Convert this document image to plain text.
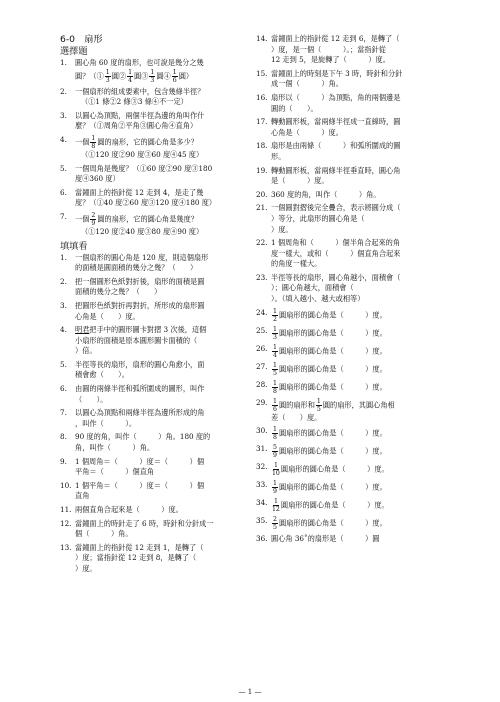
6-0　扇形
選擇題
1.	圓心角 60 度的扇形，也可說是幾分之幾
圓？（① $\frac{1}{3}$ 圓② $\frac{1}{4}$ 圓③ $\frac{1}{3}$ 圓④ $\frac{1}{6}$ 圓）
2.	一個扇形的組成要素中，包含幾條半徑？
（①1 條②2 條③3 條④不一定）
3.	以圓心為頂點，兩個半徑為邊的角叫作什
麼？（①周角②平角③圓心角④直角）
4.	一個 $\frac{1}{8}$ 圓的扇形，它的圓心角是多少？
（①120 度②90 度③60 度④45 度）
5.	一個周角是幾度？（①60 度②90 度③180
度④360 度）
6.	當鐘面上的指針從 12 走到 4，是走了幾
度？（①40 度②60 度③120 度④180 度）
7.	一個 $\frac{2}{9}$ 圓的扇形，它的圓心角是幾度？
（①120 度②40 度③80 度④90 度）
填填看
1.	一個扇形的圓心角是 120 度，則這個扇形
的面積是圓面積的幾分之幾？（　　）
2.	把一個圓形色紙對折後，扇形的面積是圓
面積的幾分之幾？（　　）
3.	把圓形色紙對折再對折，所形成的扇形圓
心角是（　　）度。
4.	明君把手中的圓形圖卡對摺 3 次後，這個
小扇形的面積是原本圓形圖卡面積的（
）倍。
5.	半徑等長的扇形，扇形的圓心角愈小，面
積會愈（　　）。
6.	由圓的兩條半徑和弧所圍成的圖形，叫作
（　　）。
7.	以圓心為頂點和兩條半徑為邊所形成的角
，叫作（　　　）。
8.	90 度的角，叫作（　　　）角。180 度的
角，叫作（　　　）角。
9.	1 個周角＝（　　　）度＝（　　　）個
平角＝（　　　）個直角
10. 1 個平角＝（　　　）度＝（　　　）個
直角
11. 兩個直角合起來是（　　　）度。
12. 當鐘面上的時針走了 6 時，時針和分針成一
個（　　　）角。
13. 當鐘面上的指針從 12 走到 1，是轉了（
）度；當指針從 12 走到 8，是轉了（
）度。
14. 當鐘面上的指針從 12 走到 6，是轉了（
）度，是一個（　　　）。；當指針從
12 走到 5，是旋轉了（　　　）度。
15. 當鐘面上的時刻是下午 3 時，時針和分針
成一個（　　　）角。
16. 扇形以（　　　）為頂點，角的兩個邊是
圓的（　　）。
17. 轉動圓形板，當兩條半徑成一直線時，圓
心角是（　　　）度。
18. 扇形是由兩條（　　　）和弧所圍成的圖
形。
19. 轉動圓形板，當兩條半徑垂直時，圓心角
是（　　　）度。
20. 360 度的角，叫作（　　　）角。
21. 一個圓對摺後完全疊合，表示將圓分成（
）等分，此扇形的圓心角是（
）度。
22. 1 個周角和（　　　）個半角合起來的角
度一樣大，或和（　　　）個直角合起來
的角度一樣大。
23. 半徑等長的扇形，圓心角越小，面積會（
）；圓心角越大，面積會（
）。（填入越小、越大或相等）
24. $\frac{1}{2}$ 圓扇形的圓心角是（　　　）度。
25. $\frac{1}{3}$ 圓扇形的圓心角是（　　　）度。
26. $\frac{1}{4}$ 圓扇形的圓心角是（　　　）度。
27. $\frac{1}{5}$ 圓扇形的圓心角是（　　　）度。
28. $\frac{1}{8}$ 圓扇形的圓心角是（　　　）度。
29. $\frac{1}{6}$ 圓的扇形和 $\frac{1}{5}$ 圓的扇形，其圓心角相
差（　　）度。
30. $\frac{1}{8}$ 圓扇形的圓心角是（　　　）度。
31. $\frac{5}{9}$ 圓扇形的圓心角是（　　　）度。
32. $\frac{1}{10}$ 圓扇形的圓心角是（　　　）度。
33. $\frac{1}{9}$ 圓扇形的圓心角是（　　　）度。
34. $\frac{1}{12}$ 圓扇形的圓心角是（　　　）度。
35. $\frac{2}{5}$ 圓扇形的圓心角是（　　　）度。
36. 圓心角 36˚的扇形是（　　　）圓
— 1 —
